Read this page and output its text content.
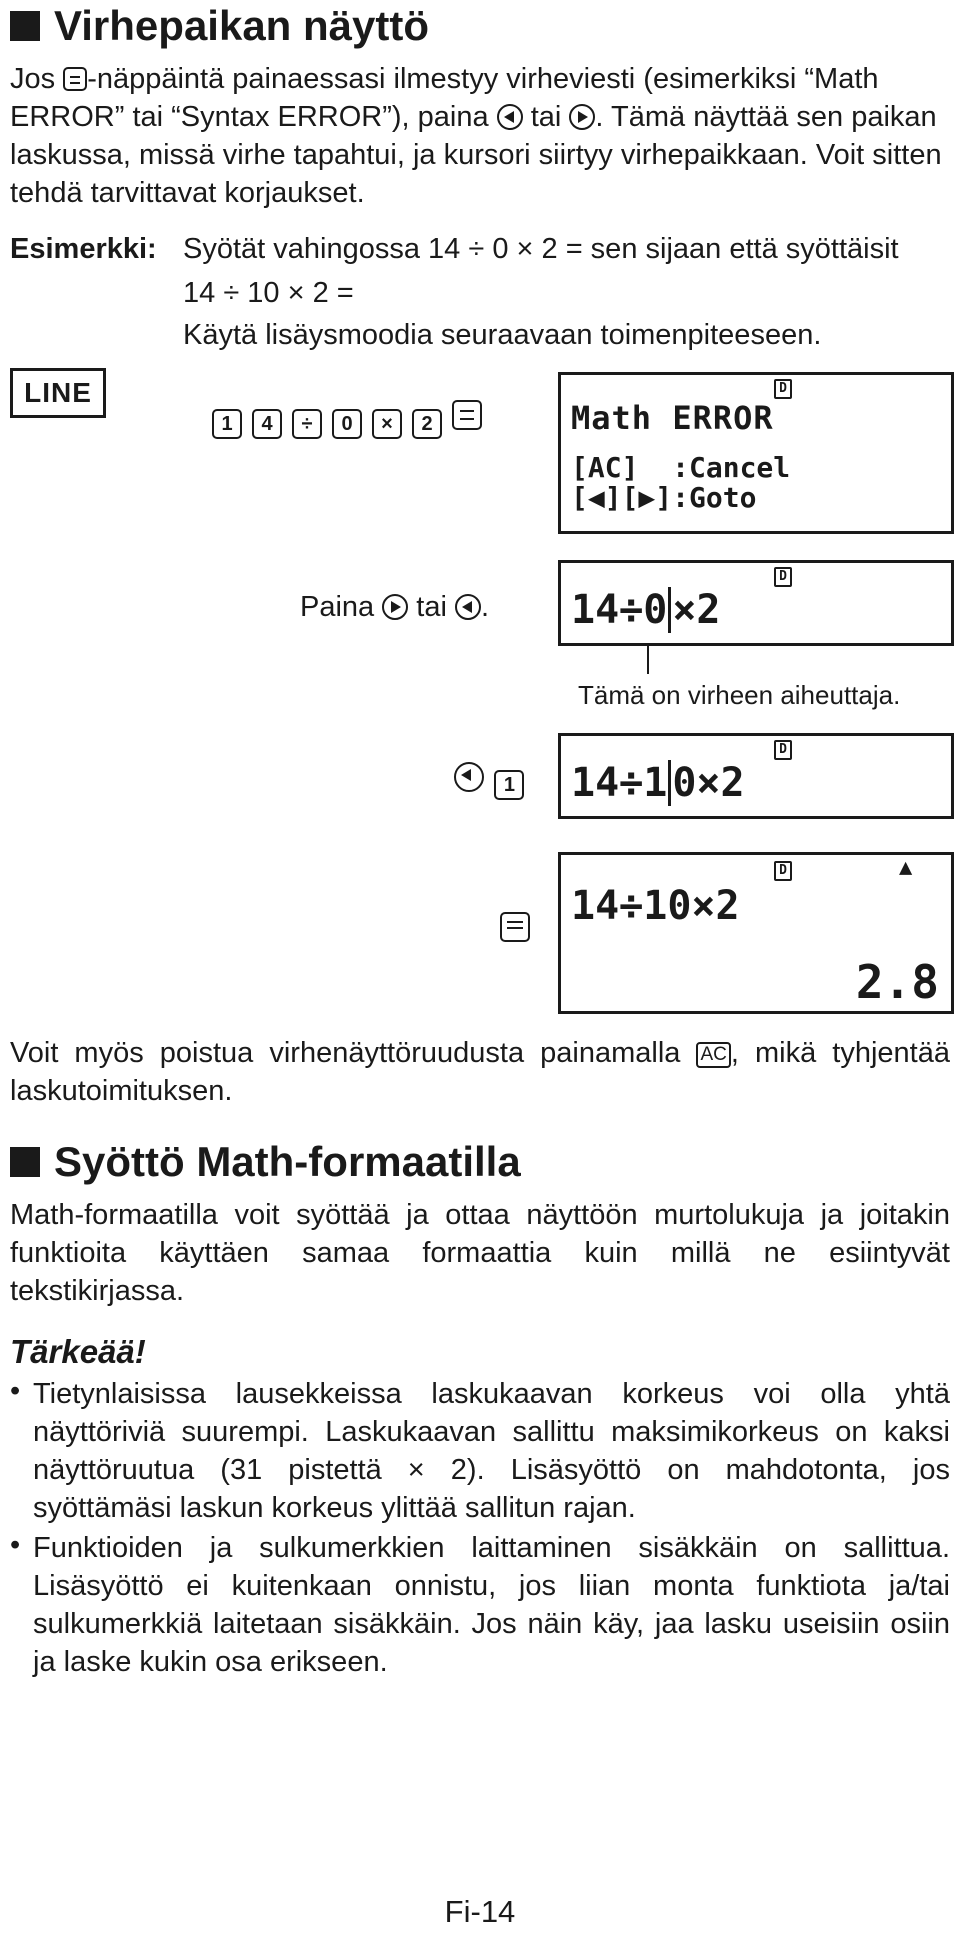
Virhepaikan näyttö
Jos -näppäintä painaessasi ilmestyy virheviesti (esimerkiksi “Math ERROR” tai “Syntax ERROR”), paina  tai . Tämä näyttää sen paikan laskussa, missä virhe tapahtui, ja kursori siirtyy virhepaikkaan. Voit sitten tehdä tarvittavat korjaukset.
Esimerkki: Syötät vahingossa 14 ÷ 0 × 2 = sen sijaan että syöttäisit
14 ÷ 10 × 2 =
Käytä lisäysmoodia seuraavaan toimenpiteeseen.
LINE
1 4 ÷ 0 × 2
D
Math ERROR
[AC]  :Cancel
[◀][▶]:Goto
Paina  tai .
D
14÷0 ×2
Tämä on virheen aiheuttaja.
1
D
14÷1 0×2
D	▲
14÷10×2
2.8
Voit myös poistua virhenäyttöruudusta painamalla AC , mikä tyhjentää laskutoimituksen.
Syöttö Math-formaatilla
Math-formaatilla voit syöttää ja ottaa näyttöön murtolukuja ja joitakin funktioita käyttäen samaa formaattia kuin millä ne esiintyvät tekstikirjassa.
Tärkeää!
• Tietynlaisissa lausekkeissa laskukaavan korkeus voi olla yhtä näyttöriviä suurempi. Laskukaavan sallittu maksimikorkeus on kaksi näyttöruutua (31 pistettä × 2). Lisäsyöttö on mahdotonta, jos syöttämäsi laskun korkeus ylittää sallitun rajan.
• Funktioiden ja sulkumerkkien laittaminen sisäkkäin on sallittua. Lisäsyöttö ei kuitenkaan onnistu, jos liian monta funktiota ja/tai sulkumerkkiä laitetaan sisäkkäin. Jos näin käy, jaa lasku useisiin osiin ja laske kukin osa erikseen.
Fi-14
